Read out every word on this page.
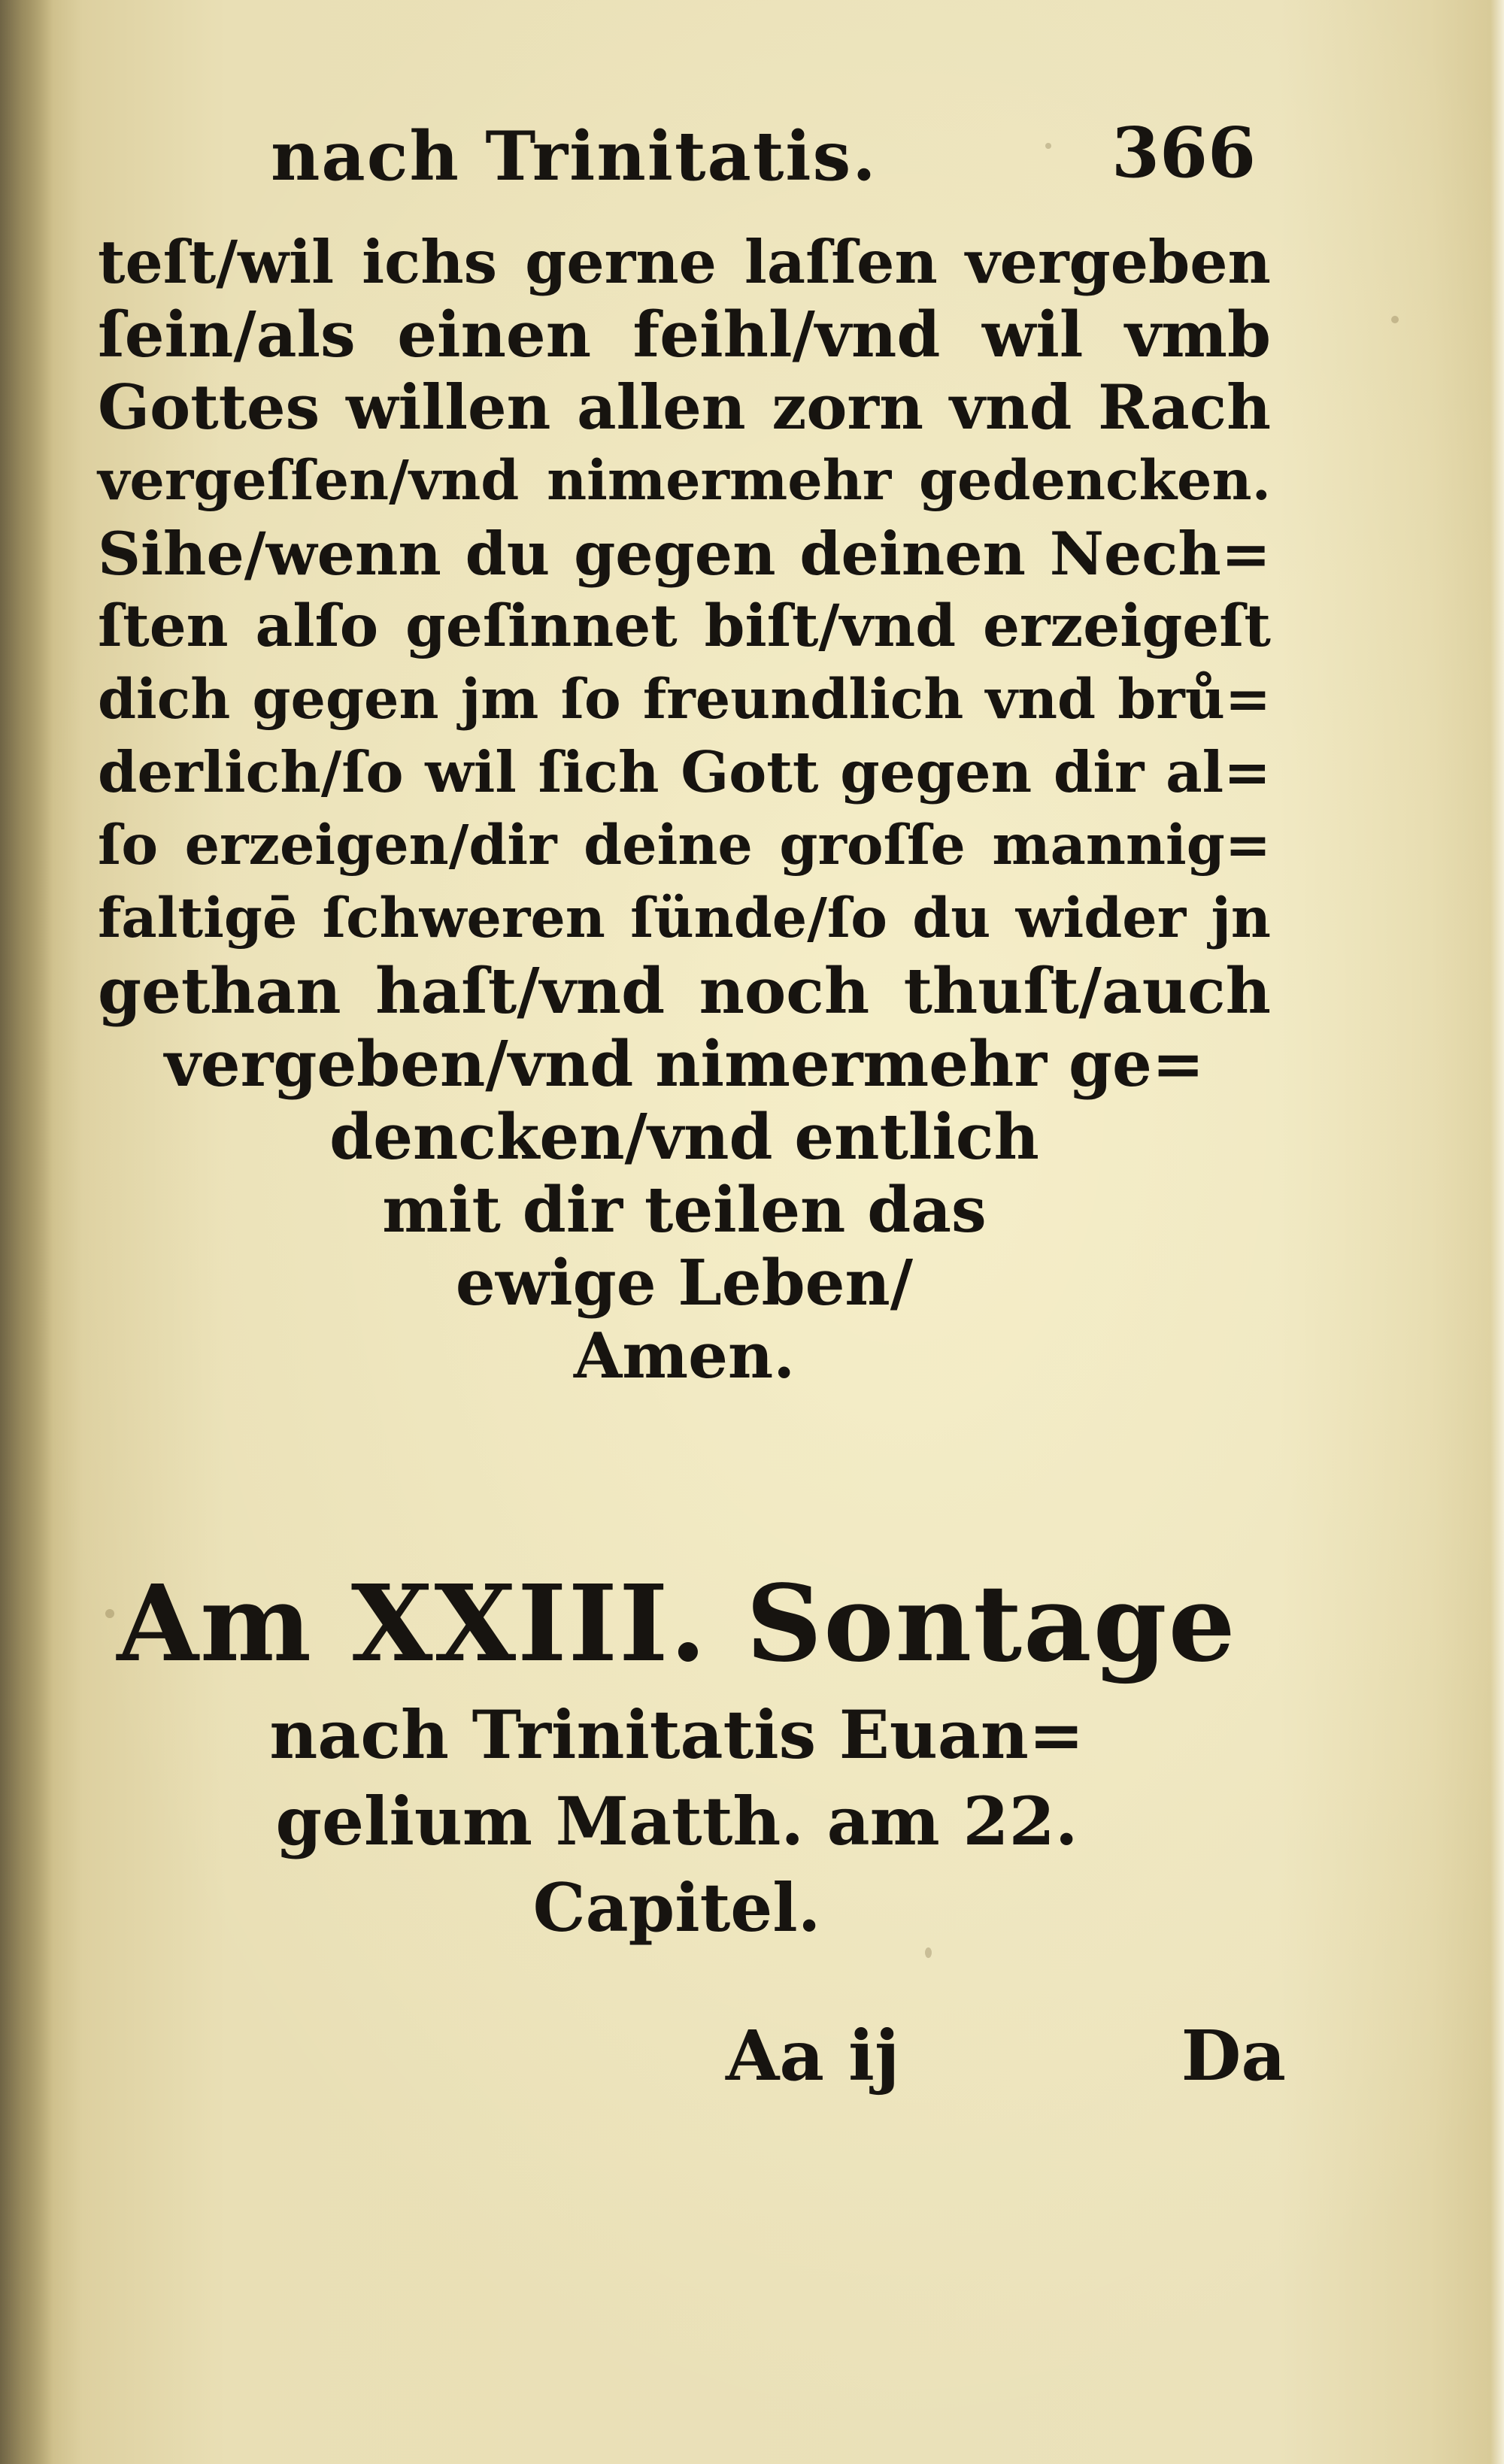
nach Trinitatis.	366
teſt/wil ichs gerne laſſen vergeben
ſein/als einen feihl/vnd wil vmb
Gottes willen allen zorn vnd Rach
vergeſſen/vnd nimermehr gedencken.
Sihe/wenn du gegen deinen Nech=
ſten alſo geſinnet biſt/vnd erzeigeſt
dich gegen jm ſo freundlich vnd brů=
derlich/ſo wil ſich Gott gegen dir al=
ſo erzeigen/dir deine groſſe mannig=
faltigē ſchweren ſünde/ſo du wider jn
gethan haſt/vnd noch thuſt/auch
vergeben/vnd nimermehr ge=
dencken/vnd entlich
mit dir teilen das
ewige Leben/
Amen.
Am XXIII. Sontage
nach Trinitatis Euan=
gelium Matth. am 22.
Capitel.
Aa ij	Da
